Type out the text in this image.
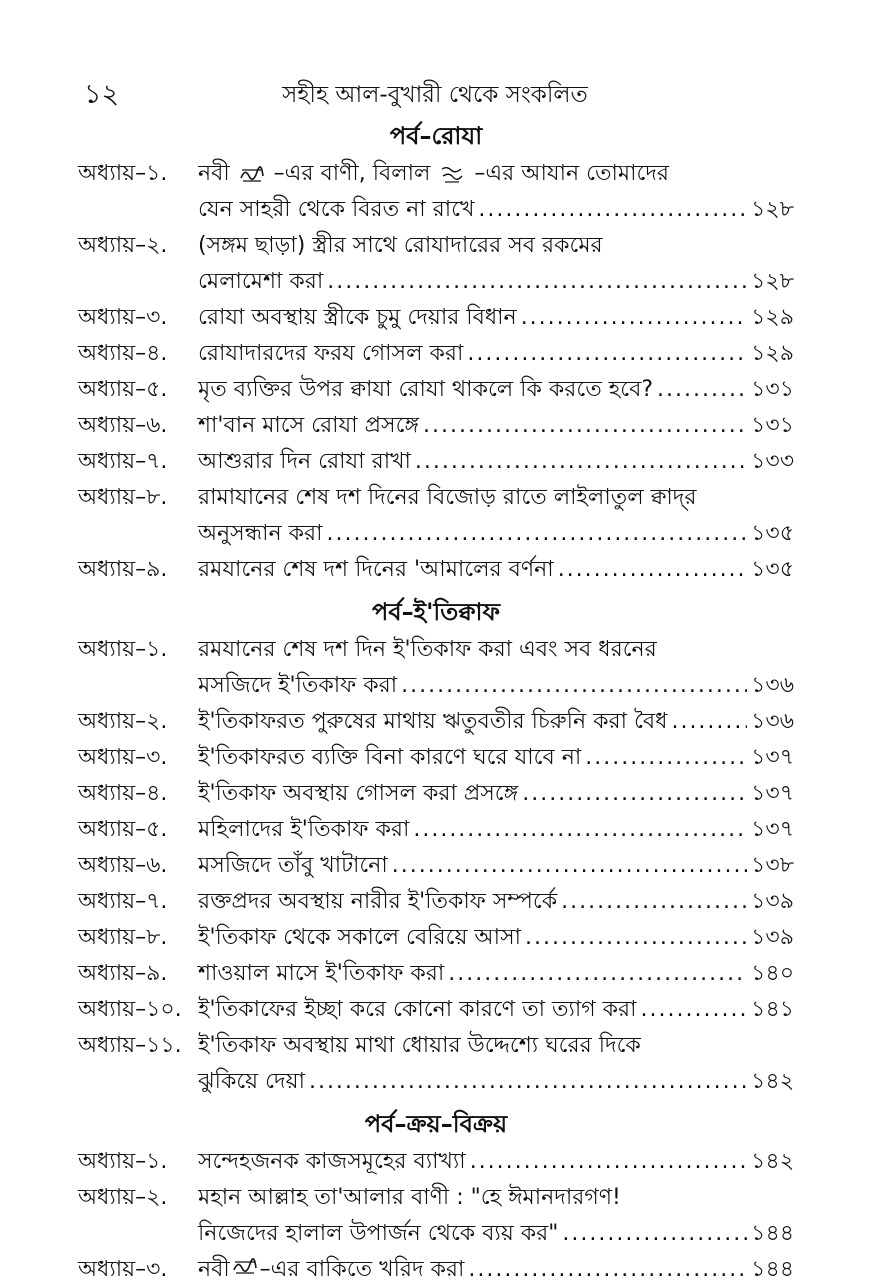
১২	সহীহ আল-বুখারী থেকে সংকলিত
পর্ব–রোযা
অধ্যায়–১.	নবী –এর বাণী, বিলাল –এর আযান তোমাদের
যেন সাহরী থেকে বিরত না রাখে .....	১২৮
অধ্যায়–২.	(সঙ্গম ছাড়া) স্ত্রীর সাথে রোযাদারের সব রকমের
মেলামেশা করা .....	১২৮
অধ্যায়–৩.	রোযা অবস্থায় স্ত্রীকে চুমু দেয়ার বিধান .....	১২৯
অধ্যায়–৪.	রোযাদারদের ফরয গোসল করা .....	১২৯
অধ্যায়–৫.	মৃত ব্যক্তির উপর ক্বাযা রোযা থাকলে কি করতে হবে? .....	১৩১
অধ্যায়–৬.	শা'বান মাসে রোযা প্রসঙ্গে .....	১৩১
অধ্যায়–৭.	আশুরার দিন রোযা রাখা .....	১৩৩
অধ্যায়–৮.	রামাযানের শেষ দশ দিনের বিজোড় রাতে লাইলাতুল ক্বাদ্‌র
অনুসন্ধান করা .....	১৩৫
অধ্যায়–৯.	রমযানের শেষ দশ দিনের 'আমালের বর্ণনা .....	১৩৫
পর্ব–ই'তিক্বাফ
অধ্যায়–১.	রমযানের শেষ দশ দিন ই'তিকাফ করা এবং সব ধরনের
মসজিদে ই'তিকাফ করা .....	১৩৬
অধ্যায়–২.	ই'তিকাফরত পুরুষের মাথায় ঋতুবতীর চিরুনি করা বৈধ .....	১৩৬
অধ্যায়–৩.	ই'তিকাফরত ব্যক্তি বিনা কারণে ঘরে যাবে না .....	১৩৭
অধ্যায়–৪.	ই'তিকাফ অবস্থায় গোসল করা প্রসঙ্গে .....	১৩৭
অধ্যায়–৫.	মহিলাদের ই'তিকাফ করা .....	১৩৭
অধ্যায়–৬.	মসজিদে তাঁবু খাটানো .....	১৩৮
অধ্যায়–৭.	রক্তপ্রদর অবস্থায় নারীর ই'তিকাফ সম্পর্কে .....	১৩৯
অধ্যায়–৮.	ই'তিকাফ থেকে সকালে বেরিয়ে আসা .....	১৩৯
অধ্যায়–৯.	শাওয়াল মাসে ই'তিকাফ করা .....	১৪০
অধ্যায়–১০. ই'তিকাফের ইচ্ছা করে কোনো কারণে তা ত্যাগ করা .....	১৪১
অধ্যায়–১১. ই'তিকাফ অবস্থায় মাথা ধোয়ার উদ্দেশ্যে ঘরের দিকে
ঝুকিয়ে দেয়া .....	১৪২
পর্ব–ক্রয়–বিক্রয়
অধ্যায়–১.	সন্দেহজনক কাজসমূহের ব্যাখ্যা .....	১৪২
অধ্যায়–২.	মহান আল্লাহ তা'আলার বাণী : "হে ঈমানদারগণ!
নিজেদের হালাল উপার্জন থেকে ব্যয় কর" .....	১৪৪
অধ্যায়–৩.	নবী –এর বাকিতে খরিদ করা .....	১৪৪
